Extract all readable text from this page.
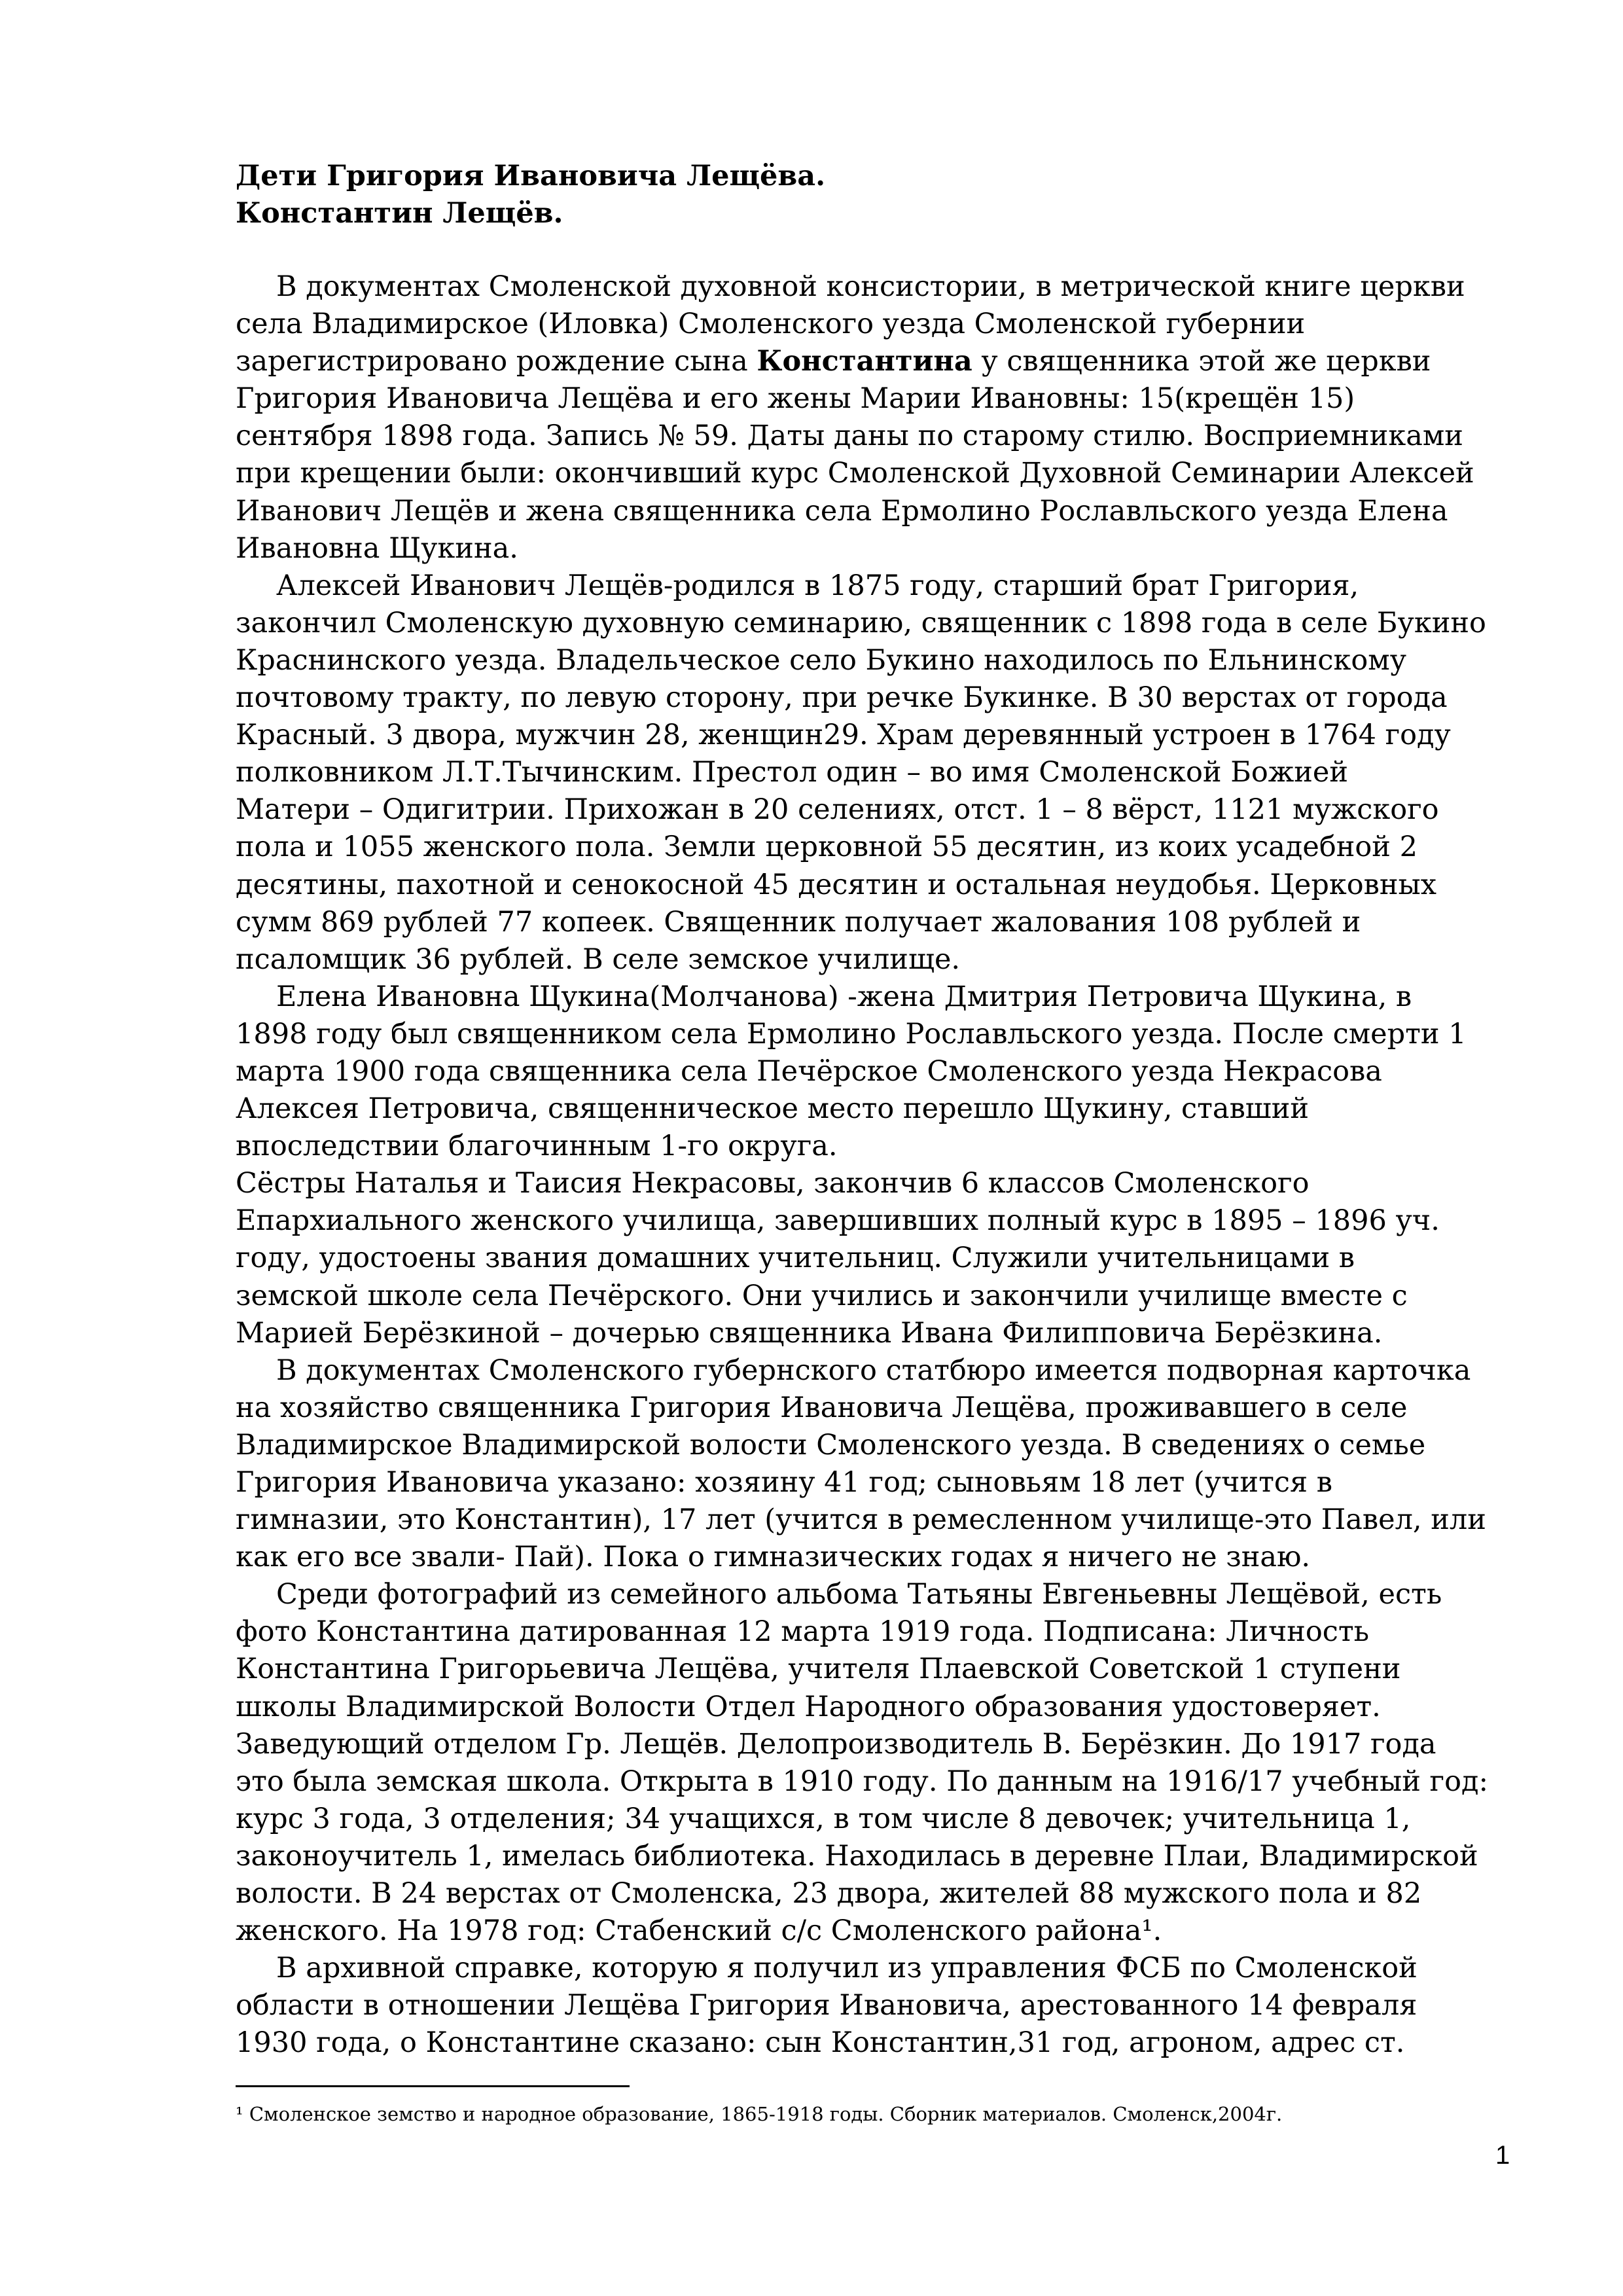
Дети Григория Ивановича Лещёва.
Константин Лещёв.
В документах Смоленской духовной консистории, в метрической книге церкви
села Владимирское (Иловка) Смоленского уезда Смоленской губернии
зарегистрировано рождение сына Константина у священника этой же церкви
Григория Ивановича Лещёва и его жены Марии Ивановны: 15(крещён 15)
сентября 1898 года. Запись № 59. Даты даны по старому стилю. Восприемниками
при крещении были: окончивший курс Смоленской Духовной Семинарии Алексей
Иванович Лещёв и жена священника села Ермолино Рославльского уезда Елена
Ивановна Щукина.
Алексей Иванович Лещёв-родился в 1875 году, старший брат Григория,
закончил Смоленскую духовную семинарию, священник с 1898 года в селе Букино
Краснинского уезда. Владельческое село Букино находилось по Ельнинскому
почтовому тракту, по левую сторону, при речке Букинке. В 30 верстах от города
Красный. 3 двора, мужчин 28, женщин29. Храм деревянный устроен в 1764 году
полковником Л.Т.Тычинским. Престол один – во имя Смоленской Божией
Матери – Одигитрии. Прихожан в 20 селениях, отст. 1 – 8 вёрст, 1121 мужского
пола и 1055 женского пола. Земли церковной 55 десятин, из коих усадебной 2
десятины, пахотной и сенокосной 45 десятин и остальная неудобья. Церковных
сумм 869 рублей 77 копеек. Священник получает жалования 108 рублей и
псаломщик 36 рублей. В селе земское училище.
Елена Ивановна Щукина(Молчанова) -жена Дмитрия Петровича Щукина, в
1898 году был священником села Ермолино Рославльского уезда. После смерти 1
марта 1900 года священника села Печёрское Смоленского уезда Некрасова
Алексея Петровича, священническое место перешло Щукину, ставший
впоследствии благочинным 1-го округа.
Сёстры Наталья и Таисия Некрасовы, закончив 6 классов Смоленского
Епархиального женского училища, завершивших полный курс в 1895 – 1896 уч.
году, удостоены звания домашних учительниц. Служили учительницами в
земской школе села Печёрского. Они учились и закончили училище вместе с
Марией Берёзкиной – дочерью священника Ивана Филипповича Берёзкина.
В документах Смоленского губернского статбюро имеется подворная карточка
на хозяйство священника Григория Ивановича Лещёва, проживавшего в селе
Владимирское Владимирской волости Смоленского уезда. В сведениях о семье
Григория Ивановича указано: хозяину 41 год; сыновьям 18 лет (учится в
гимназии, это Константин), 17 лет (учится в ремесленном училище-это Павел, или
как его все звали- Пай). Пока о гимназических годах я ничего не знаю.
Среди фотографий из семейного альбома Татьяны Евгеньевны Лещёвой, есть
фото Константина датированная 12 марта 1919 года. Подписана: Личность
Константина Григорьевича Лещёва, учителя Плаевской Советской 1 ступени
школы Владимирской Волости Отдел Народного образования удостоверяет.
Заведующий отделом Гр. Лещёв. Делопроизводитель В. Берёзкин. До 1917 года
это была земская школа. Открыта в 1910 году. По данным на 1916/17 учебный год:
курс 3 года, 3 отделения; 34 учащихся, в том числе 8 девочек; учительница 1,
законоучитель 1, имелась библиотека. Находилась в деревне Плаи, Владимирской
волости. В 24 верстах от Смоленска, 23 двора, жителей 88 мужского пола и 82
женского. На 1978 год: Стабенский с/с Смоленского района¹.
В архивной справке, которую я получил из управления ФСБ по Смоленской
области в отношении Лещёва Григория Ивановича, арестованного 14 февраля
1930 года, о Константине сказано: сын Константин,31 год, агроном, адрес ст.
¹ Смоленское земство и народное образование, 1865-1918 годы. Сборник материалов. Смоленск,2004г.
1
